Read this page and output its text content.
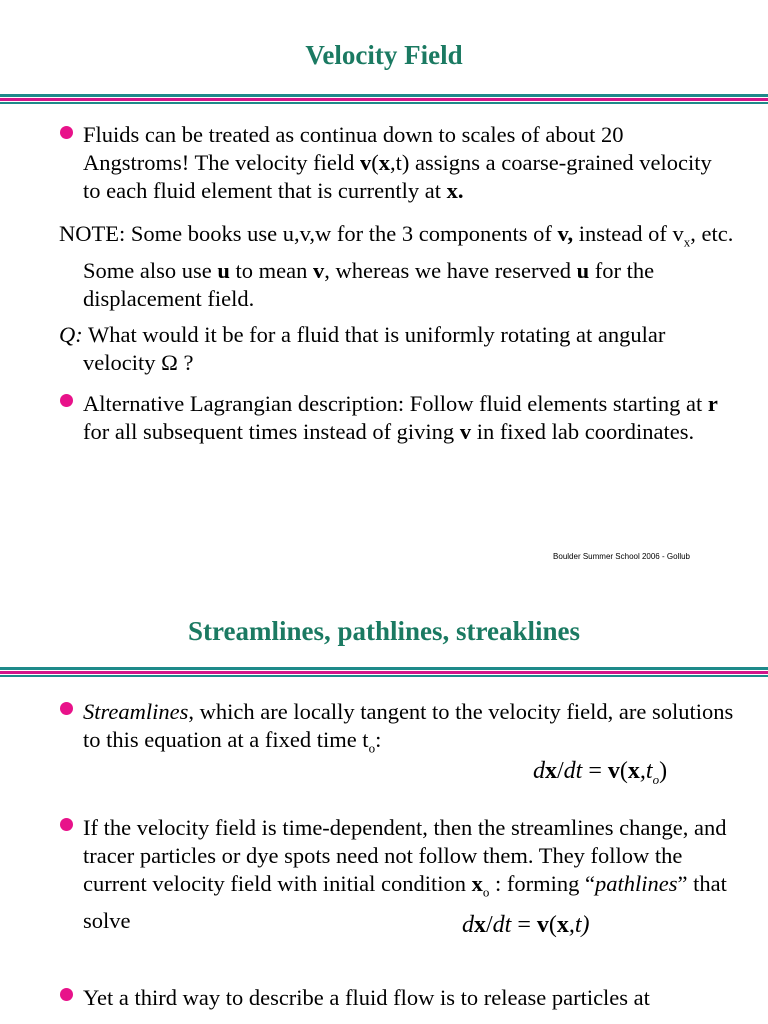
Velocity Field
Fluids can be treated as continua down to scales of about 20 Angstroms! The velocity field v(x,t) assigns a coarse-grained velocity to each fluid element that is currently at x.
NOTE: Some books use u,v,w for the 3 components of v, instead of $v_x$, etc. Some also use u to mean v, whereas we have reserved u for the displacement field.
Q: What would it be for a fluid that is uniformly rotating at angular velocity Ω ?
Alternative Lagrangian description: Follow fluid elements starting at r for all subsequent times instead of giving v in fixed lab coordinates.
Boulder Summer School 2006 - Gollub
Streamlines, pathlines, streaklines
Streamlines, which are locally tangent to the velocity field, are solutions to this equation at a fixed time $t_o$:
$dx/dt = v(x,t_o)$
If the velocity field is time-dependent, then the streamlines change, and tracer particles or dye spots need not follow them. They follow the current velocity field with initial condition $x_o$ : forming “pathlines” that solve	dx/dt = v(x,t)
Yet a third way to describe a fluid flow is to release particles at
